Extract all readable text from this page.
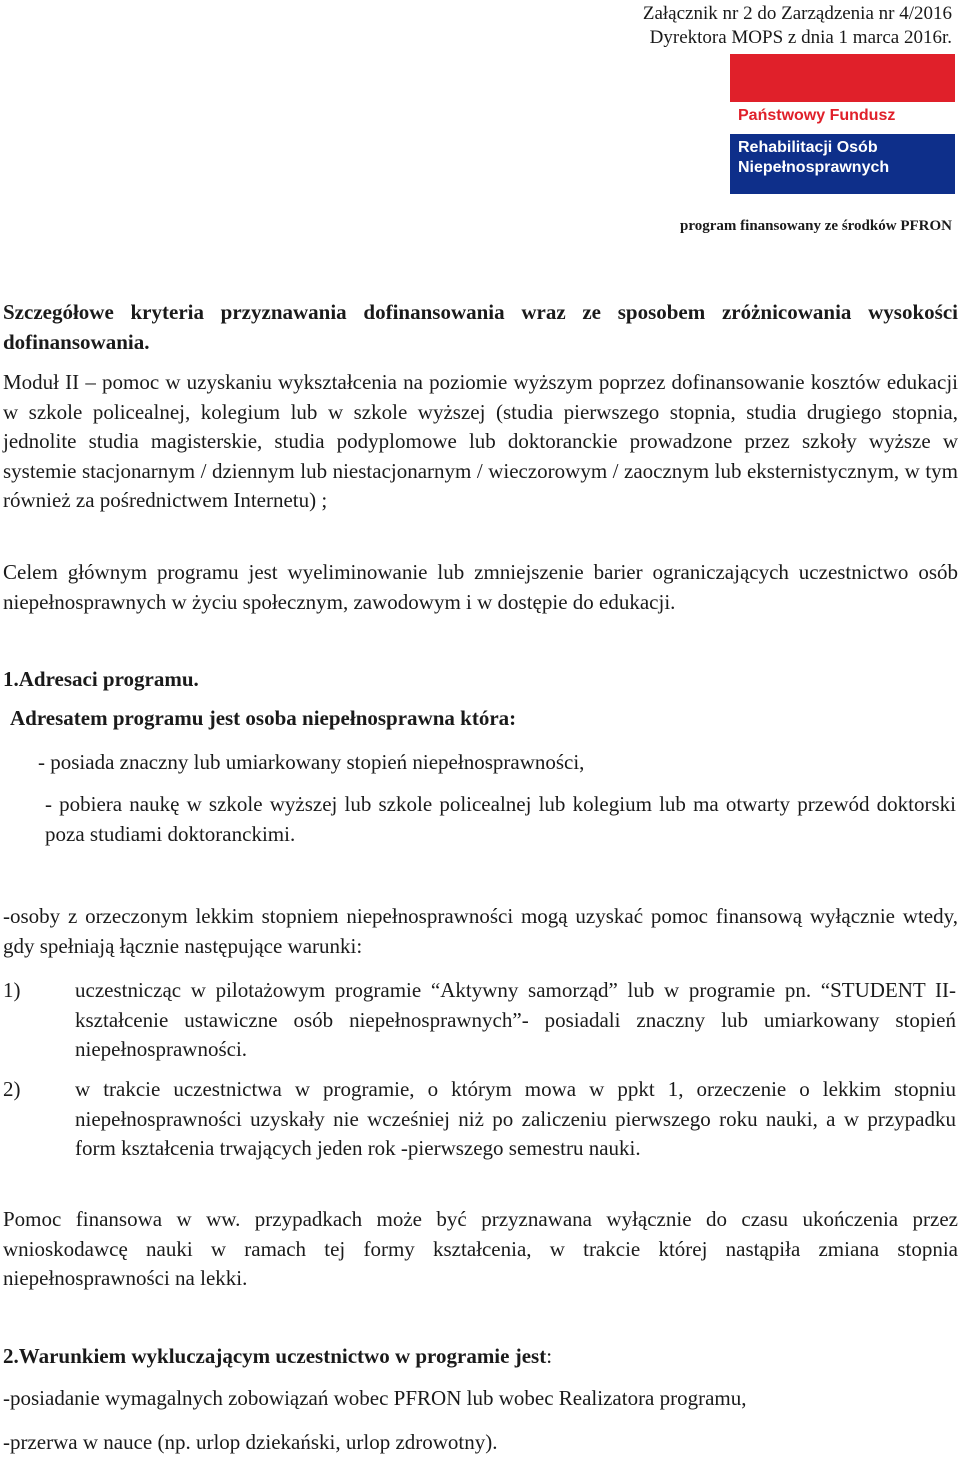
Załącznik nr 2 do Zarządzenia nr 4/2016
Dyrektora MOPS z dnia 1 marca 2016r.
Państwowy Fundusz
Rehabilitacji Osób
Niepełnosprawnych
program finansowany ze środków PFRON
Szczegółowe kryteria przyznawania dofinansowania wraz ze sposobem zróżnicowania wysokości dofinansowania.
Moduł II – pomoc w uzyskaniu wykształcenia na poziomie wyższym poprzez dofinansowanie kosztów edukacji w szkole policealnej, kolegium lub w szkole wyższej (studia pierwszego stopnia, studia drugiego stopnia, jednolite studia magisterskie, studia podyplomowe lub doktoranckie prowadzone przez szkoły wyższe w systemie stacjonarnym / dziennym lub niestacjonarnym / wieczorowym / zaocznym lub eksternistycznym, w tym również za pośrednictwem Internetu) ;
Celem głównym programu jest wyeliminowanie lub zmniejszenie barier ograniczających uczestnictwo osób niepełnosprawnych w życiu społecznym, zawodowym i w dostępie do edukacji.
1.Adresaci programu.
Adresatem programu jest osoba niepełnosprawna która:
- posiada znaczny lub umiarkowany stopień niepełnosprawności,
- pobiera naukę w szkole wyższej lub szkole policealnej lub kolegium lub ma otwarty przewód doktorski poza studiami doktoranckimi.
-osoby z orzeczonym lekkim stopniem niepełnosprawności mogą uzyskać pomoc finansową wyłącznie wtedy, gdy spełniają łącznie następujące warunki:
1)	uczestnicząc w pilotażowym programie “Aktywny samorząd” lub w programie pn. “STUDENT II- kształcenie ustawiczne osób niepełnosprawnych”- posiadali znaczny lub umiarkowany stopień niepełnosprawności.
2)	w trakcie uczestnictwa w programie, o którym mowa w ppkt 1, orzeczenie o lekkim stopniu niepełnosprawności uzyskały nie wcześniej niż po zaliczeniu pierwszego roku nauki, a w przypadku form kształcenia trwających jeden rok -pierwszego semestru nauki.
Pomoc finansowa w ww. przypadkach może być przyznawana wyłącznie do czasu ukończenia przez wnioskodawcę nauki w ramach tej formy kształcenia, w trakcie której nastąpiła zmiana stopnia niepełnosprawności na lekki.
2.Warunkiem wykluczającym uczestnictwo w programie jest:
-posiadanie wymagalnych zobowiązań wobec PFRON lub wobec Realizatora programu,
-przerwa w nauce (np. urlop dziekański, urlop zdrowotny).
